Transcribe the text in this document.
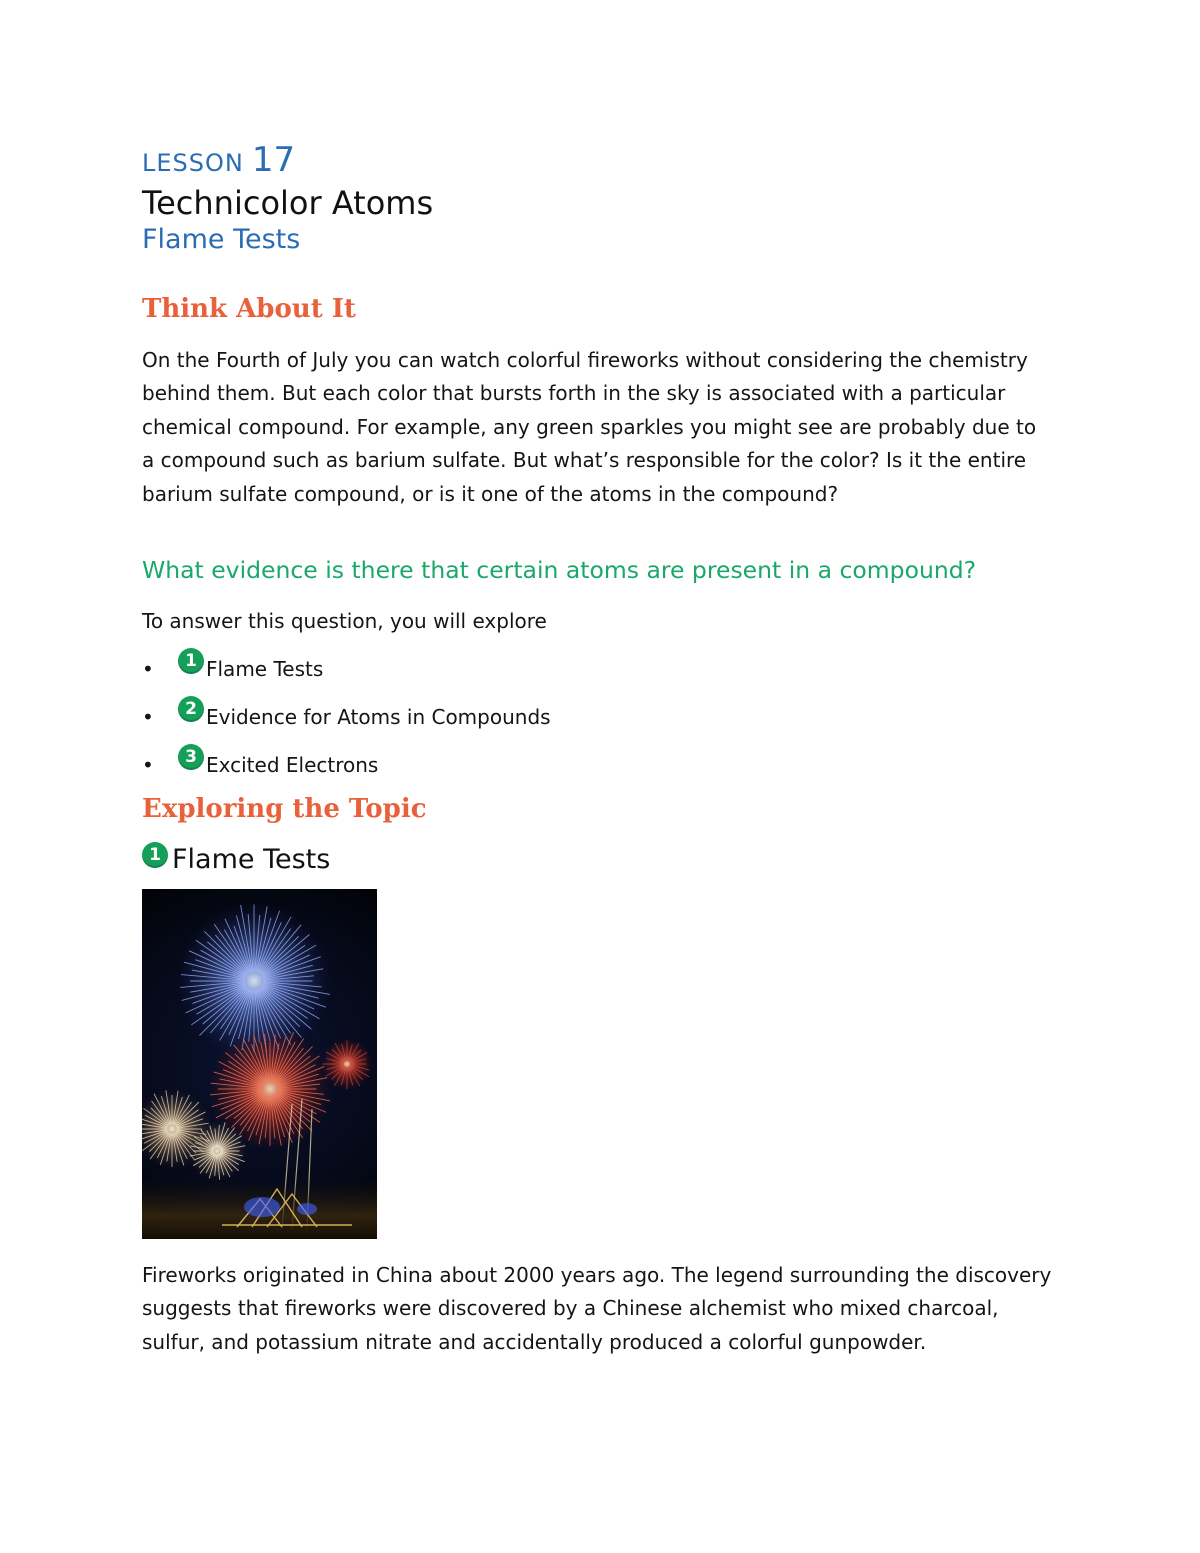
LESSON 17
Technicolor Atoms
Flame Tests
Think About It
On the Fourth of July you can watch colorful fireworks without considering the chemistry behind them. But each color that bursts forth in the sky is associated with a particular chemical compound. For example, any green sparkles you might see are probably due to a compound such as barium sulfate. But what’s responsible for the color? Is it the entire barium sulfate compound, or is it one of the atoms in the compound?
What evidence is there that certain atoms are present in a compound?
To answer this question, you will explore
•	1 Flame Tests
•	2 Evidence for Atoms in Compounds
•	3 Excited Electrons
Exploring the Topic
1 Flame Tests
Fireworks originated in China about 2000 years ago. The legend surrounding the discovery suggests that fireworks were discovered by a Chinese alchemist who mixed charcoal, sulfur, and potassium nitrate and accidentally produced a colorful gunpowder.
